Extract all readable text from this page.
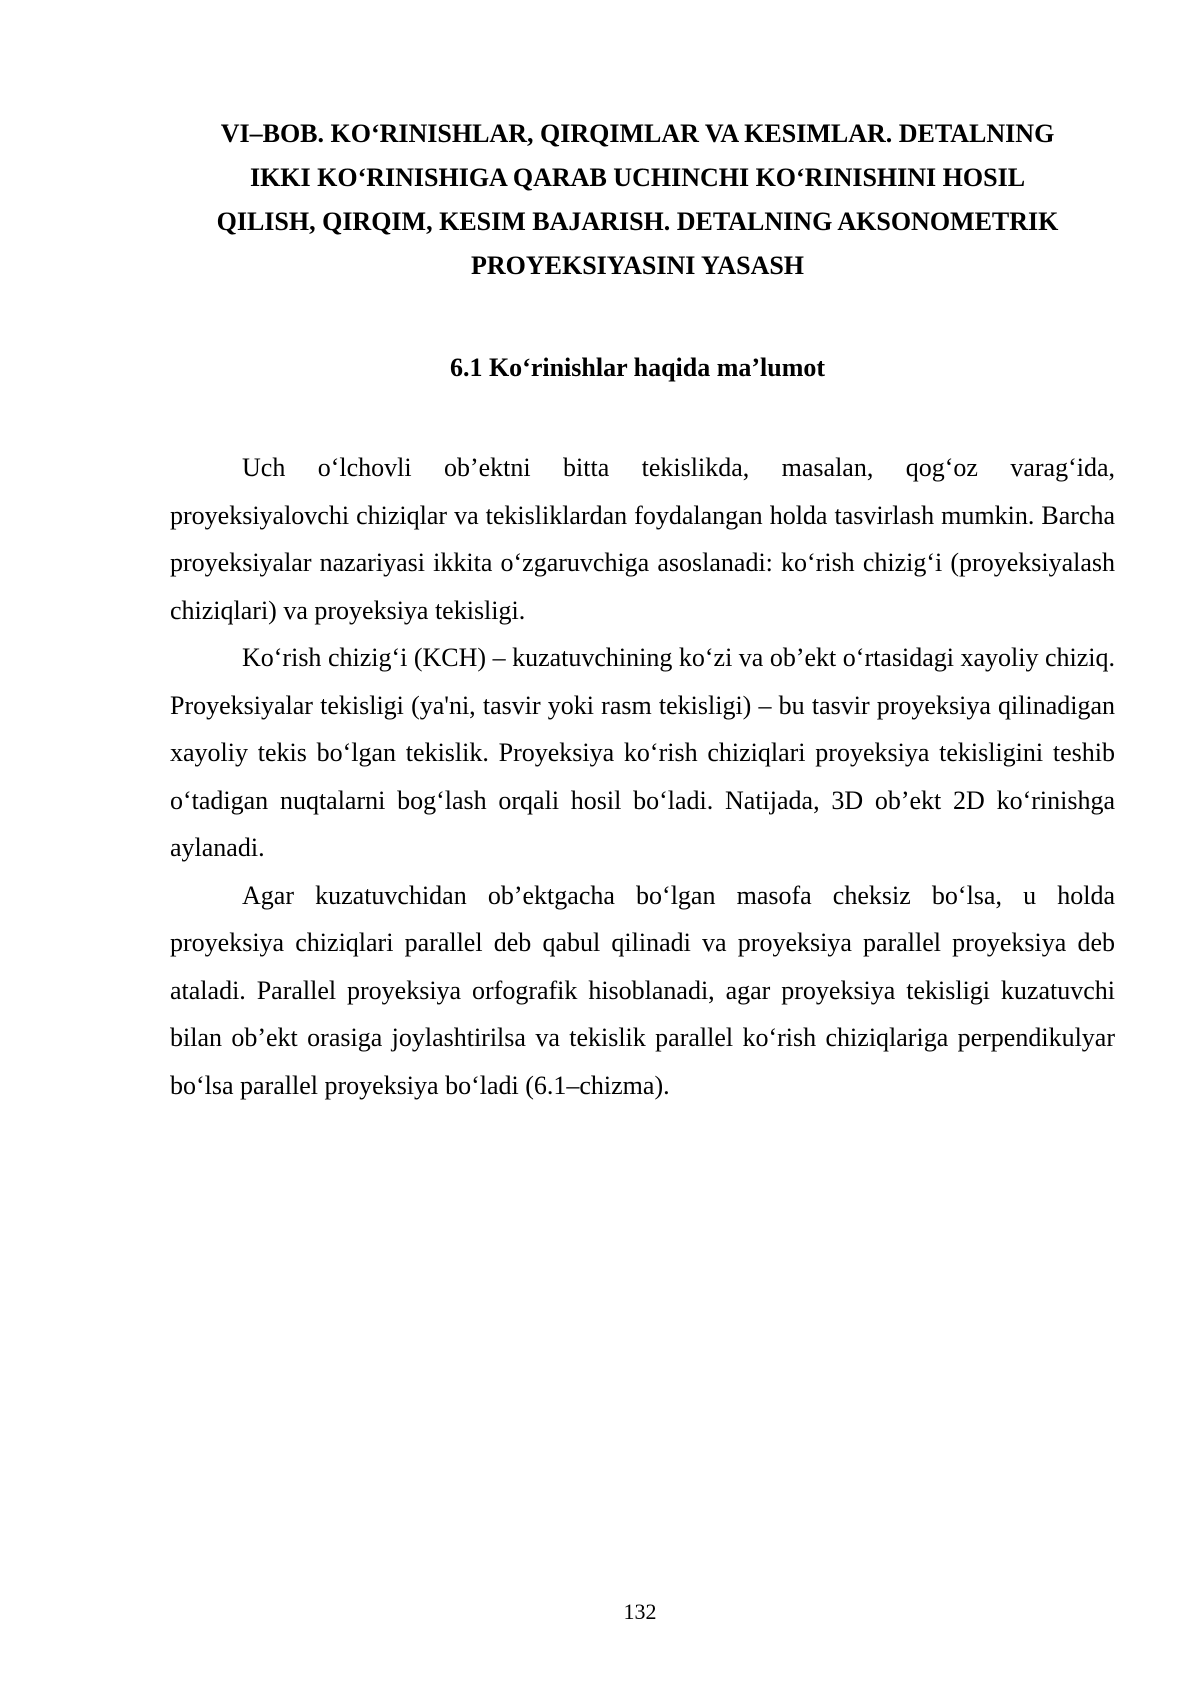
VI–BOB. KO‘RINISHLAR, QIRQIMLAR VA KESIMLAR. DETALNING
IKKI KO‘RINISHIGA QARAB UCHINCHI KO‘RINISHINI HOSIL
QILISH, QIRQIM, KESIM BAJARISH. DETALNING AKSONOMETRIK
PROYEKSIYASINI YASASH
6.1 Ko‘rinishlar haqida ma’lumot

Uch o‘lchovli ob’ektni bitta tekislikda, masalan, qog‘oz varag‘ida, proyeksiyalovchi chiziqlar va tekisliklardan foydalangan holda tasvirlash mumkin. Barcha proyeksiyalar nazariyasi ikkita o‘zgaruvchiga asoslanadi: ko‘rish chizig‘i (proyeksiyalash chiziqlari) va proyeksiya tekisligi.

Ko‘rish chizig‘i (KCH) – kuzatuvchining ko‘zi va ob’ekt o‘rtasidagi xayoliy chiziq. Proyeksiyalar tekisligi (ya'ni, tasvir yoki rasm tekisligi) – bu tasvir proyeksiya qilinadigan xayoliy tekis bo‘lgan tekislik. Proyeksiya ko‘rish chiziqlari proyeksiya tekisligini teshib o‘tadigan nuqtalarni bog‘lash orqali hosil bo‘ladi. Natijada, 3D ob’ekt 2D ko‘rinishga aylanadi.

Agar kuzatuvchidan ob’ektgacha bo‘lgan masofa cheksiz bo‘lsa, u holda proyeksiya chiziqlari parallel deb qabul qilinadi va proyeksiya parallel proyeksiya deb ataladi. Parallel proyeksiya orfografik hisoblanadi, agar proyeksiya tekisligi kuzatuvchi bilan ob’ekt orasiga joylashtirilsa va tekislik parallel ko‘rish chiziqlariga perpendikulyar bo‘lsa parallel proyeksiya bo‘ladi (6.1–chizma).

132
